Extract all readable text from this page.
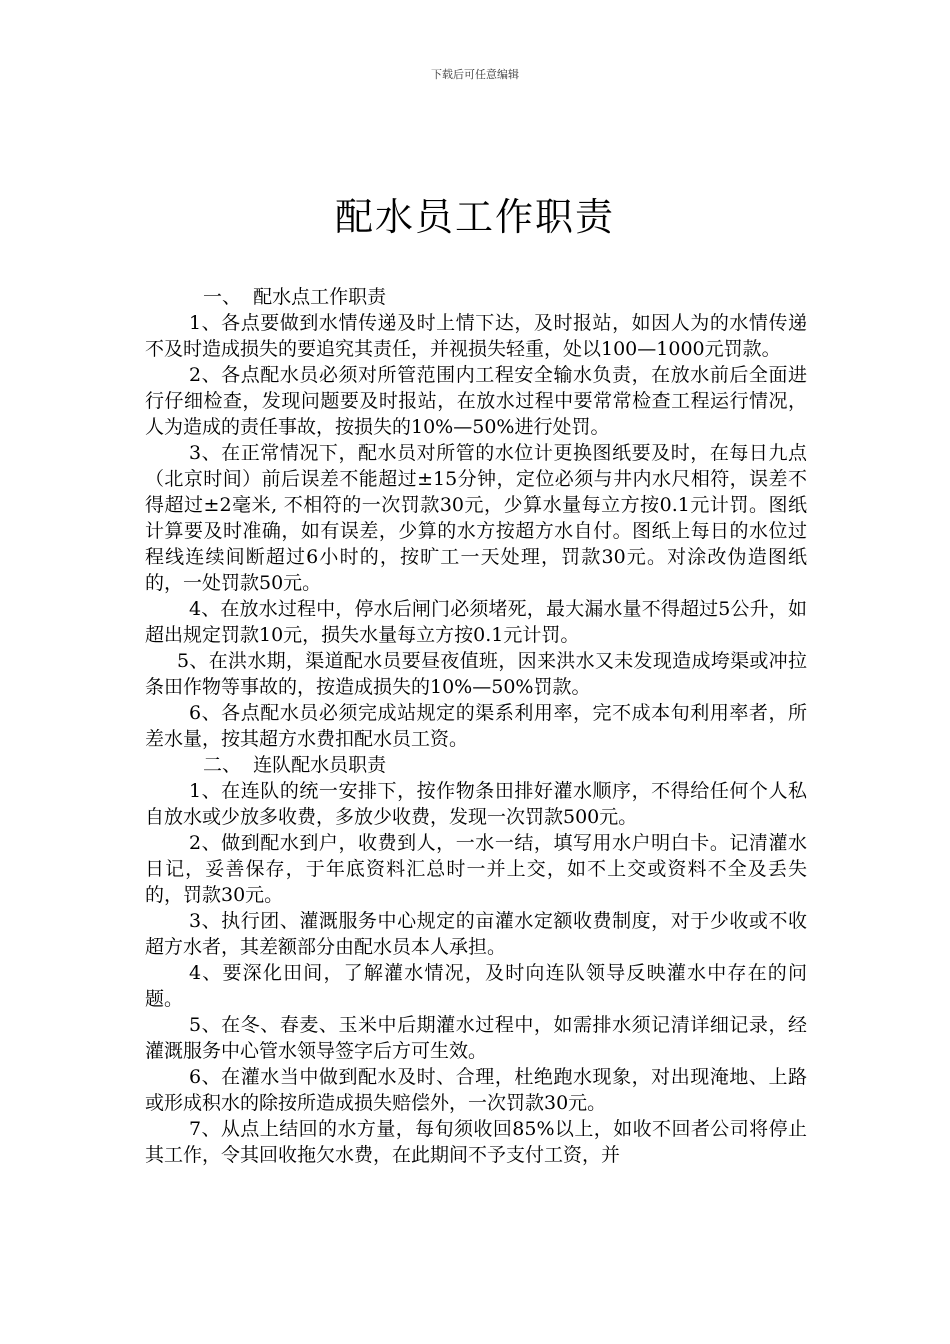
下载后可任意编辑
配水员工作职责

一、  配水点工作职责

1、各点要做到水情传递及时上情下达，及时报站，如因人为的水情传递不及时造成损失的要追究其责任，并视损失轻重，处以100—1000元罚款。

2、各点配水员必须对所管范围内工程安全输水负责，在放水前后全面进行仔细检查，发现问题要及时报站，在放水过程中要常常检查工程运行情况，人为造成的责任事故，按损失的10%—50%进行处罚。

3、在正常情况下，配水员对所管的水位计更换图纸要及时，在每日九点（北京时间）前后误差不能超过±15分钟，定位必须与井内水尺相符，误差不得超过±2毫米, 不相符的一次罚款30元，少算水量每立方按0.1元计罚。图纸计算要及时准确，如有误差，少算的水方按超方水自付。图纸上每日的水位过程线连续间断超过6小时的，按旷工一天处理，罚款30元。对涂改伪造图纸的，一处罚款50元。

4、在放水过程中，停水后闸门必须堵死，最大漏水量不得超过5公升，如超出规定罚款10元，损失水量每立方按0.1元计罚。

5、在洪水期，渠道配水员要昼夜值班，因来洪水又未发现造成垮渠或冲拉条田作物等事故的，按造成损失的10%—50%罚款。

6、各点配水员必须完成站规定的渠系利用率，完不成本旬利用率者，所差水量，按其超方水费扣配水员工资。

二、  连队配水员职责

1、在连队的统一安排下，按作物条田排好灌水顺序，不得给任何个人私自放水或少放多收费，多放少收费，发现一次罚款500元。

2、做到配水到户，收费到人，一水一结，填写用水户明白卡。记清灌水日记，妥善保存，于年底资料汇总时一并上交，如不上交或资料不全及丢失的，罚款30元。

3、执行团、灌溉服务中心规定的亩灌水定额收费制度，对于少收或不收超方水者，其差额部分由配水员本人承担。

4、要深化田间，了解灌水情况，及时向连队领导反映灌水中存在的问题。

5、在冬、春麦、玉米中后期灌水过程中，如需排水须记清详细记录，经灌溉服务中心管水领导签字后方可生效。

6、在灌水当中做到配水及时、合理，杜绝跑水现象，对出现淹地、上路或形成积水的除按所造成损失赔偿外，一次罚款30元。

7、从点上结回的水方量，每旬须收回85%以上，如收不回者公司将停止其工作，令其回收拖欠水费，在此期间不予支付工资，并
